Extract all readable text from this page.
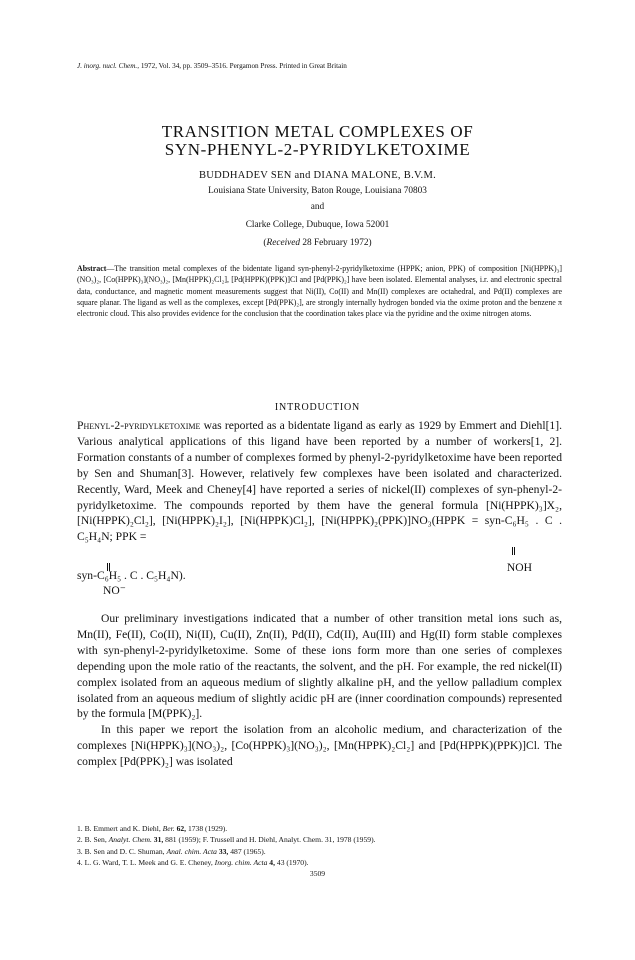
J. inorg. nucl. Chem., 1972, Vol. 34, pp. 3509–3516. Pergamon Press. Printed in Great Britain
TRANSITION METAL COMPLEXES OF
SYN-PHENYL-2-PYRIDYLKETOXIME
BUDDHADEV SEN and DIANA MALONE, B.V.M.
Louisiana State University, Baton Rouge, Louisiana 70803
and
Clarke College, Dubuque, Iowa 52001
(Received 28 February 1972)
Abstract—The transition metal complexes of the bidentate ligand syn-phenyl-2-pyridylketoxime (HPPK; anion, PPK) of composition [Ni(HPPK)₃](NO₃)₂, [Co(HPPK)₃](NO₃)₂, [Mn(HPPK)₂Cl₂], [Pd(HPPK)(PPK)]Cl and [Pd(PPK)₂] have been isolated. Elemental analyses, i.r. and electronic spectral data, conductance, and magnetic moment measurements suggest that Ni(II), Co(II) and Mn(II) complexes are octahedral, and Pd(II) complexes are square planar. The ligand as well as the complexes, except [Pd(PPK)₂], are strongly internally hydrogen bonded via the oxime proton and the benzene π electronic cloud. This also provides evidence for the conclusion that the coordination takes place via the pyridine and the oxime nitrogen atoms.
INTRODUCTION
Phenyl-2-pyridylketoxime was reported as a bidentate ligand as early as 1929 by Emmert and Diehl[1]. Various analytical applications of this ligand have been reported by a number of workers[1, 2]. Formation constants of a number of complexes formed by phenyl-2-pyridylketoxime have been reported by Sen and Shuman[3]. However, relatively few complexes have been isolated and characterized. Recently, Ward, Meek and Cheney[4] have reported a series of nickel(II) complexes of syn-phenyl-2-pyridylketoxime. The compounds reported by them have the general formula [Ni(HPPK)₃]X₂, [Ni(HPPK)₂Cl₂], [Ni(HPPK)₂I₂], [Ni(HPPK)Cl₂], [Ni(HPPK)₂(PPK)]NO₃(HPPK = syn-C₆H₅ . C . C₅H₄N; PPK =
syn-C₆H₅ . C . C₅H₄N).
NO⁻
NOH
Our preliminary investigations indicated that a number of other transition metal ions such as, Mn(II), Fe(II), Co(II), Ni(II), Cu(II), Zn(II), Pd(II), Cd(II), Au(III) and Hg(II) form stable complexes with syn-phenyl-2-pyridylketoxime. Some of these ions form more than one series of complexes depending upon the mole ratio of the reactants, the solvent, and the pH. For example, the red nickel(II) complex isolated from an aqueous medium of slightly alkaline pH, and the yellow palladium complex isolated from an aqueous medium of slightly acidic pH are (inner coordination compounds) represented by the formula [M(PPK)₂].
In this paper we report the isolation from an alcoholic medium, and characterization of the complexes [Ni(HPPK)₃](NO₃)₂, [Co(HPPK)₃](NO₃)₂, [Mn(HPPK)₂Cl₂] and [Pd(HPPK)(PPK)]Cl. The complex [Pd(PPK)₂] was isolated
1. B. Emmert and K. Diehl, Ber. 62, 1738 (1929).
2. B. Sen, Analyt. Chem. 31, 881 (1959); F. Trussell and H. Diehl, Analyt. Chem. 31, 1978 (1959).
3. B. Sen and D. C. Shuman, Anal. chim. Acta 33, 487 (1965).
4. L. G. Ward, T. L. Meek and G. E. Cheney, Inorg. chim. Acta 4, 43 (1970).
3509
